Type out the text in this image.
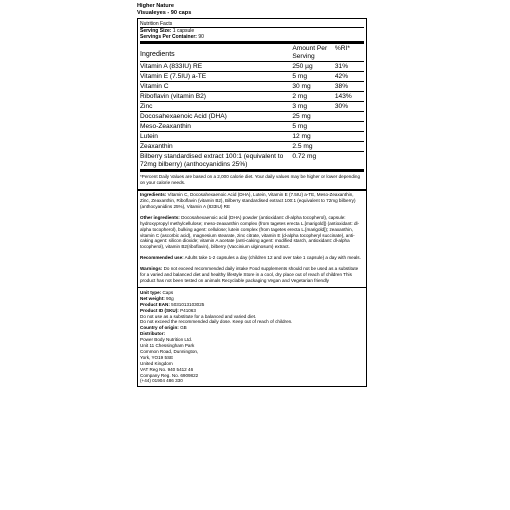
Higher Nature
Visualeyes - 90 caps
Nutrition Facts
Serving Size: 1 capsule
Servings Per Container: 90
Ingredients	Amount Per Serving	%RI*
Vitamin A (833IU) RE	250 µg	31%
Vitamin E (7.5IU) a-TE	5 mg	42%
Vitamin C	30 mg	38%
Riboflavin (vitamin B2)	2 mg	143%
Zinc	3 mg	30%
Docosahexaenoic Acid (DHA)	25 mg	
Meso-Zeaxanthin	5 mg	
Lutein	12 mg	
Zeaxanthin	2.5 mg	
Bilberry standardised extract 100:1 (equivalent to 72mg bilberry) (anthocyanidins 25%)	0.72 mg	
*Percent Daily Values are based on a 2,000 calorie diet. Your daily values may be higher or lower depending on your calorie needs.
Ingredients: Vitamin C, Docosahexaenoic Acid (DHA), Lutein, Vitamin E (7.5IU) a-TE, Meso-Zeaxanthin, Zinc, Zeaxanthin, Riboflavin (vitamin B2), Bilberry standardised extract 100:1 (equivalent to 72mg bilberry) (anthocyanidins 25%), Vitamin A (833IU) RE
Other ingredients: Docosahexaenoic acid (DHA) powder (antioxidant: dl-alpha tocopherol), capsule: hydroxypropyl methylcellulose; meso-zeaxanthin complex (from tagetes erecta L.[marigold]) (antioxidant: dl-alpha tocopherol), bulking agent: cellulose; lutein complex (from tagetes erecta L.[marigold]); zeaxanthin, vitamin C (ascorbic acid), magnesium stearate, zinc citrate, vitamin E (d-alpha tocopheryl succinate), anti-caking agent: silicon dioxide; vitamin A acetate (anti-caking agent: modified starch, antioxidant: dl-alpha tocopherol), vitamin B2(riboflavin), bilberry (Vaccinium ulginosum) extract.
Recommended use: Adults take 1-2 capsules a day (children 12 and over take 1 capsule) a day with meals.
Warnings: Do not exceed recommended daily intake Food supplements should not be used as a substitute for a varied and balanced diet and healthy lifestyle Store in a cool, dry place out of reach of children This product has not been tested on animals Recyclable packaging Vegan and Vegetarian friendly
Unit type: Caps
Net weight: 90g
Product EAN: 5031013103025
Product ID (SKU): P41063
Do not use as a substitute for a balanced and varied diet.
Do not exceed the recommended daily dose. Keep out of reach of children.
Country of origin: GB
Distributor:
Power Body Nutrition Ltd.
Unit 11 Chessingham Park
Common Road, Dunnington,
York, YO19 5SE
United Kingdom
VAT Reg No. 940 5412 46
Company Reg. No. 6909822
(+44) 01904 486 330
